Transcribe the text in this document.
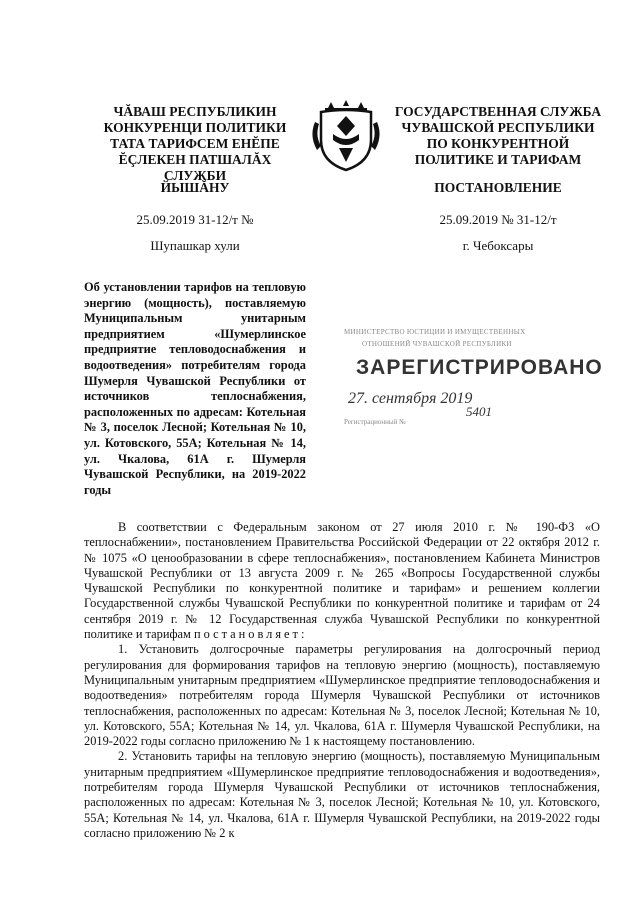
ЧĂВАШ РЕСПУБЛИКИН
КОНКУРЕНЦИ ПОЛИТИКИ
ТАТА ТАРИФСЕМ ЕНĔПЕ
ĔÇЛЕКЕН ПАТШАЛĂХ СЛУЖБИ
ГОСУДАРСТВЕННАЯ СЛУЖБА
ЧУВАШСКОЙ РЕСПУБЛИКИ
ПО КОНКУРЕНТНОЙ
ПОЛИТИКЕ И ТАРИФАМ
ЙЫШĂНУ	ПОСТАНОВЛЕНИЕ
25.09.2019 31-12/т №	25.09.2019 № 31-12/т
Шупашкар хули	г. Чебоксары
Об установлении тарифов на тепловую энергию (мощность), поставляемую Муниципальным унитарным предприятием «Шумерлинское предприятие тепловодоснабжения и водоотведения» потребителям города Шумерля Чувашской Республики от источников теплоснабжения, расположенных по адресам: Котельная № 3, поселок Лесной; Котельная № 10, ул. Котовского, 55А; Котельная № 14, ул. Чкалова, 61А г. Шумерля Чувашской Республики, на 2019-2022 годы
МИНИСТЕРСТВО ЮСТИЦИИ И ИМУЩЕСТВЕННЫХ
ОТНОШЕНИЙ ЧУВАШСКОЙ РЕСПУБЛИКИ
ЗАРЕГИСТРИРОВАНО
27. сентября 2019
5401
Регистрационный №

В соответствии с Федеральным законом от 27 июля 2010 г. № 190-ФЗ «О теплоснабжении», постановлением Правительства Российской Федерации от 22 октября 2012 г. № 1075 «О ценообразовании в сфере теплоснабжения», постановлением Кабинета Министров Чувашской Республики от 13 августа 2009 г. № 265 «Вопросы Государственной службы Чувашской Республики по конкурентной политике и тарифам» и решением коллегии Государственной службы Чувашской Республики по конкурентной политике и тарифам от 24 сентября 2019 г. № 12 Государственная служба Чувашской Республики по конкурентной политике и тарифам постановляет:

1. Установить долгосрочные параметры регулирования на долгосрочный период регулирования для формирования тарифов на тепловую энергию (мощность), поставляемую Муниципальным унитарным предприятием «Шумерлинское предприятие тепловодоснабжения и водоотведения» потребителям города Шумерля Чувашской Республики от источников теплоснабжения, расположенных по адресам: Котельная № 3, поселок Лесной; Котельная № 10, ул. Котовского, 55А; Котельная № 14, ул. Чкалова, 61А г. Шумерля Чувашской Республики, на 2019-2022 годы согласно приложению № 1 к настоящему постановлению.

2. Установить тарифы на тепловую энергию (мощность), поставляемую Муниципальным унитарным предприятием «Шумерлинское предприятие тепловодоснабжения и водоотведения», потребителям города Шумерля Чувашской Республики от источников теплоснабжения, расположенных по адресам: Котельная № 3, поселок Лесной; Котельная № 10, ул. Котовского, 55А; Котельная № 14, ул. Чкалова, 61А г. Шумерля Чувашской Республики, на 2019-2022 годы согласно приложению № 2 к
